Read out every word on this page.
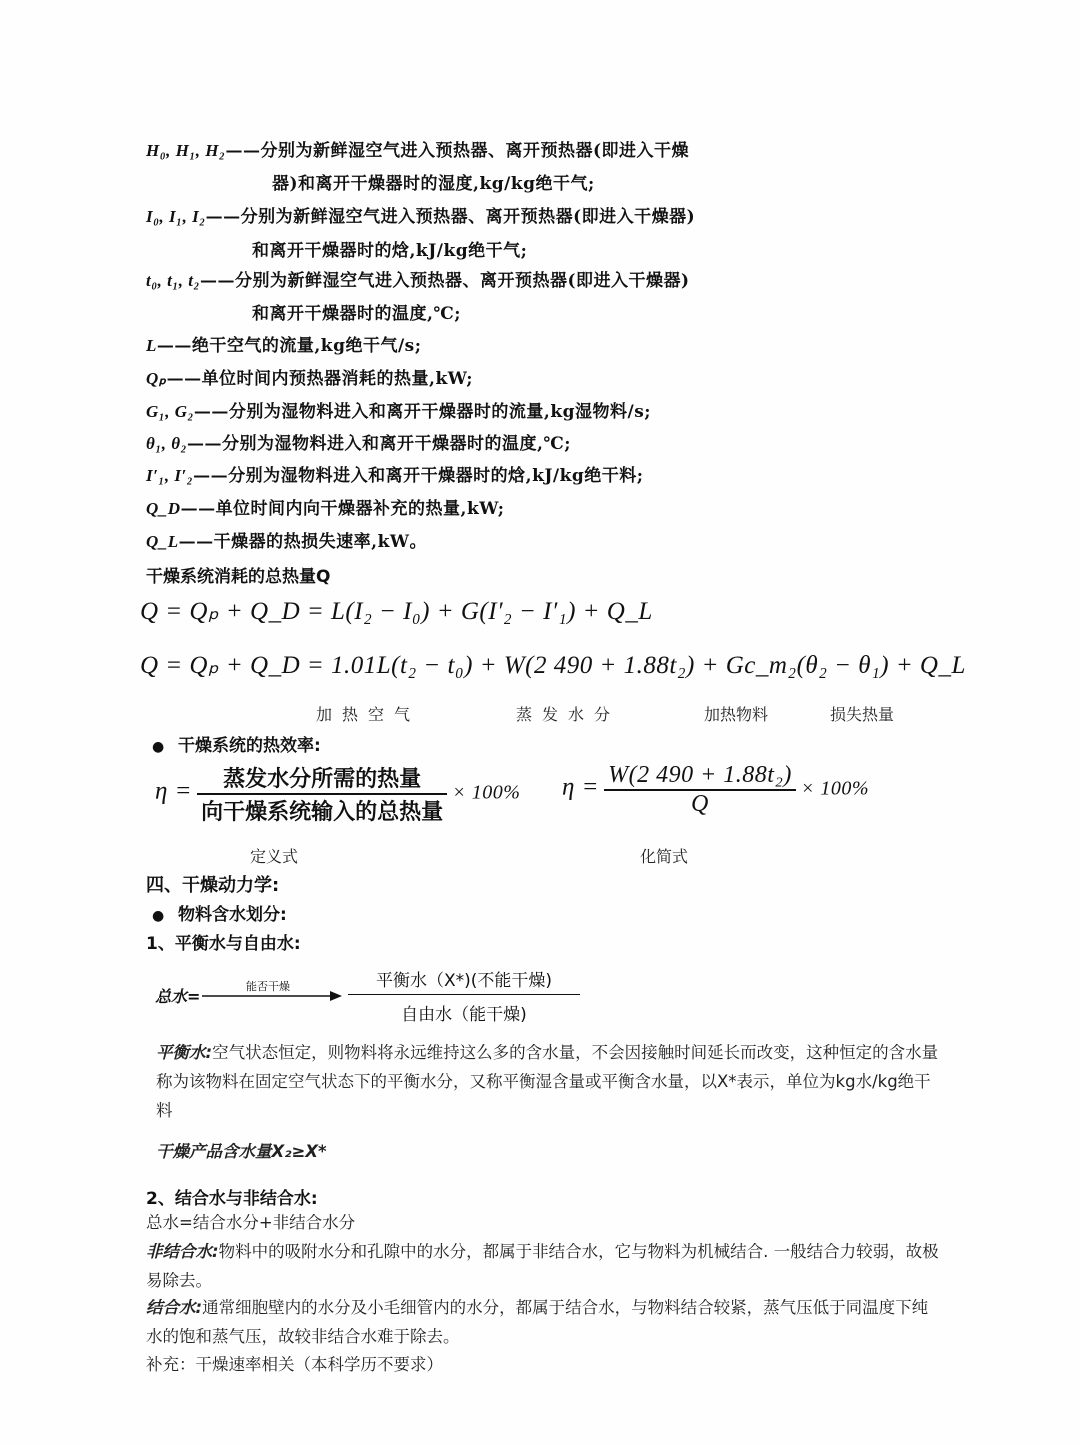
H₀, H₁, H₂——分别为新鲜湿空气进入预热器、离开预热器(即进入干燥
器)和离开干燥器时的湿度,kg/kg绝干气;
I₀, I₁, I₂——分别为新鲜湿空气进入预热器、离开预热器(即进入干燥器)
和离开干燥器时的焓,kJ/kg绝干气;
t₀, t₁, t₂——分别为新鲜湿空气进入预热器、离开预热器(即进入干燥器)
和离开干燥器时的温度,℃;
L——绝干空气的流量,kg绝干气/s;
Qₚ——单位时间内预热器消耗的热量,kW;
G₁, G₂——分别为湿物料进入和离开干燥器时的流量,kg湿物料/s;
θ₁, θ₂——分别为湿物料进入和离开干燥器时的温度,℃;
I′₁, I′₂——分别为湿物料进入和离开干燥器时的焓,kJ/kg绝干料;
Q_D——单位时间内向干燥器补充的热量,kW;
Q_L——干燥器的热损失速率,kW。
干燥系统消耗的总热量Q
Q = Qₚ + Q_D = L(I₂ − I₀) + G(I′₂ − I′₁) + Q_L
Q = Qₚ + Q_D = 1.01L(t₂ − t₀) + W(2 490 + 1.88t₂) + Gc_m₂(θ₂ − θ₁) + Q_L
加热空气	蒸发水分	加热物料	损失热量
● 干燥系统的热效率:
$\eta = \frac{\text{蒸发水分所需的热量}}{\text{向干燥系统输入的总热量}} \times 100\%$ $\eta = \frac{\text{W(2 490 + 1.88t₂)}}{Q} \times 100\%$
定义式	化简式
四、干燥动力学:
● 物料含水划分:
1、平衡水与自由水:
总水=
能否干燥	平衡水（X*)(不能干燥)
自由水（能干燥)
平衡水:空气状态恒定，则物料将永远维持这么多的含水量，不会因接触时间延长而改变，这种恒定的含水量称为该物料在固定空气状态下的平衡水分，又称平衡湿含量或平衡含水量，以X*表示，单位为kg水/kg绝干料
干燥产品含水量X₂≥X*
2、结合水与非结合水:
总水=结合水分+非结合水分
非结合水:物料中的吸附水分和孔隙中的水分，都属于非结合水，它与物料为机械结合. 一般结合力较弱，故极易除去。
结合水:通常细胞壁内的水分及小毛细管内的水分，都属于结合水，与物料结合较紧，蒸气压低于同温度下纯水的饱和蒸气压，故较非结合水难于除去。
补充：干燥速率相关（本科学历不要求）
